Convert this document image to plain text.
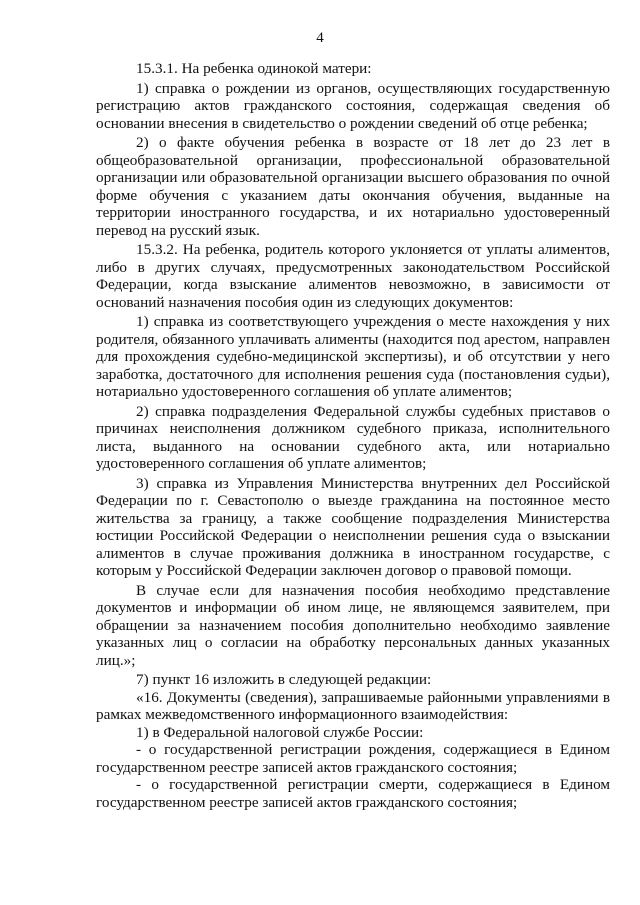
4

15.3.1. На ребенка одинокой матери:

1) справка о рождении из органов, осуществляющих государственную регистрацию актов гражданского состояния, содержащая сведения об основании внесения в свидетельство о рождении сведений об отце ребенка;

2) о факте обучения ребенка в возрасте от 18 лет до 23 лет в общеобразовательной организации, профессиональной образовательной организации или образовательной организации высшего образования по очной форме обучения с указанием даты окончания обучения, выданные на территории иностранного государства, и их нотариально удостоверенный перевод на русский язык.

15.3.2. На ребенка, родитель которого уклоняется от уплаты алиментов, либо в других случаях, предусмотренных законодательством Российской Федерации, когда взыскание алиментов невозможно, в зависимости от оснований назначения пособия один из следующих документов:

1) справка из соответствующего учреждения о месте нахождения у них родителя, обязанного уплачивать алименты (находится под арестом, направлен для прохождения судебно-медицинской экспертизы), и об отсутствии у него заработка, достаточного для исполнения решения суда (постановления судьи), нотариально удостоверенного соглашения об уплате алиментов;

2) справка подразделения Федеральной службы судебных приставов о причинах неисполнения должником судебного приказа, исполнительного листа, выданного на основании судебного акта, или нотариально удостоверенного соглашения об уплате алиментов;

3) справка из Управления Министерства внутренних дел Российской Федерации по г. Севастополю о выезде гражданина на постоянное место жительства за границу, а также сообщение подразделения Министерства юстиции Российской Федерации о неисполнении решения суда о взыскании алиментов в случае проживания должника в иностранном государстве, с которым у Российской Федерации заключен договор о правовой помощи.

В случае если для назначения пособия необходимо представление документов и информации об ином лице, не являющемся заявителем, при обращении за назначением пособия дополнительно необходимо заявление указанных лиц о согласии на обработку персональных данных указанных лиц.»;

7) пункт 16 изложить в следующей редакции:

«16. Документы (сведения), запрашиваемые районными управлениями в рамках межведомственного информационного взаимодействия:

1) в Федеральной налоговой службе России:

- о государственной регистрации рождения, содержащиеся в Едином государственном реестре записей актов гражданского состояния;

- о государственной регистрации смерти, содержащиеся в Едином государственном реестре записей актов гражданского состояния;
